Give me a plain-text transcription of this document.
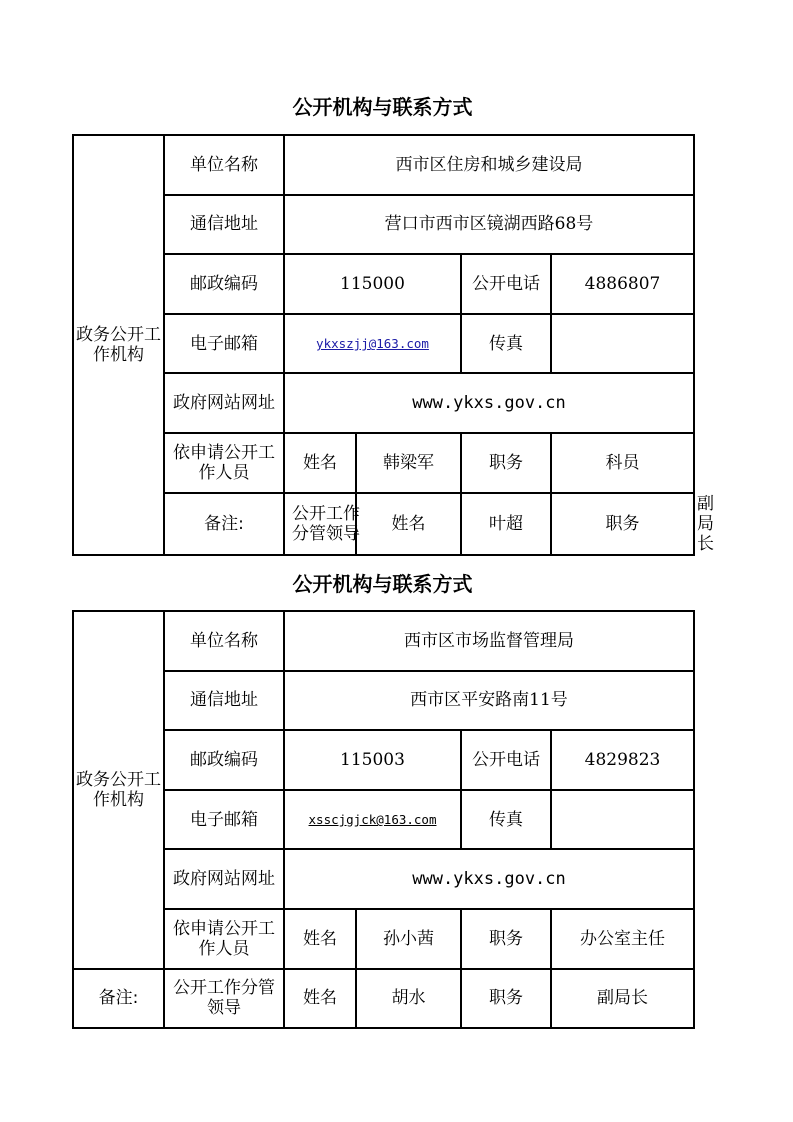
公开机构与联系方式
政务公开工作机构	单位名称	西市区住房和城乡建设局				
	通信地址	营口市西市区镜湖西路68号				
	邮政编码	115000		公开电话	4886807	
	电子邮箱	ykxszjj@163.com		传真		
	政府网站网址	www.ykxs.gov.cn				
	依申请公开工作人员	姓名	韩梁军	职务	科员	
	备注:	公开工作分管领导	姓名	叶超	职务	副局长
公开机构与联系方式
政务公开工作机构	单位名称	西市区市场监督管理局			
	通信地址	西市区平安路南11号			
	邮政编码	115003		公开电话	4829823
	电子邮箱	xsscjgjck@163.com		传真	
	政府网站网址	www.ykxs.gov.cn			
	依申请公开工作人员	姓名	孙小茜	职务	办公室主任
备注:	公开工作分管领导	姓名	胡水	职务	副局长
